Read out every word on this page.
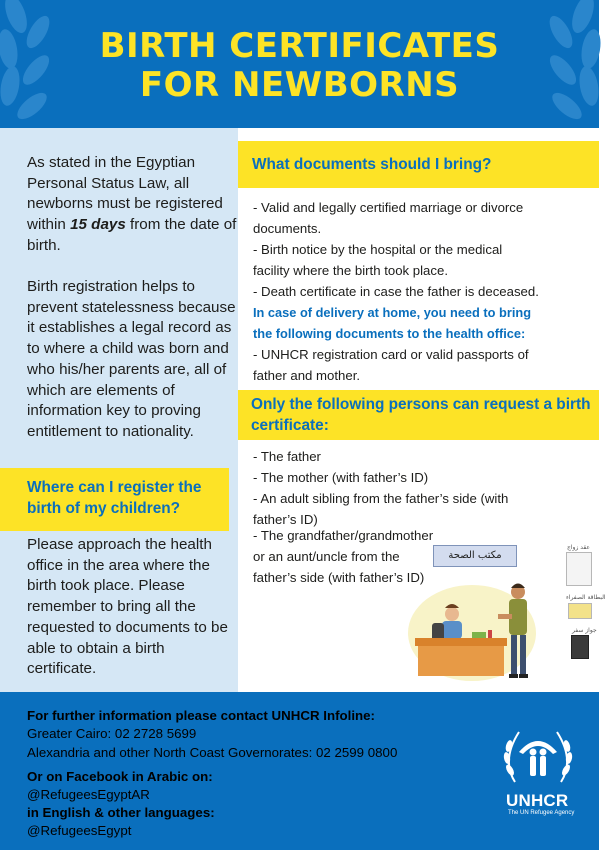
BIRTH CERTIFICATES
FOR NEWBORNS
As stated in the Egyptian Personal Status Law, all newborns must be registered within 15 days from the date of birth.
Birth registration helps to prevent statelessness because it establishes a legal record as to where a child was born and who his/her parents are, all of which are elements of information key to proving entitlement to nationality.
Where can I register the birth of my children?
Please approach the health office in the area where the birth took place. Please remember to bring all the requested to documents to be able to obtain a birth certificate.
What documents should I bring?
- Valid and legally certified marriage or divorce
documents.
- Birth notice by the hospital or the medical
facility where the birth took place.
- Death certificate in case the father is deceased.
In case of delivery at home, you need to bring
the following documents to the health office:
- UNHCR registration card or valid passports of
father and mother.
Only the following persons can request a birth certificate:
- The father
- The mother (with father’s ID)
- An adult sibling from the father’s side (with
father’s ID)
- The grandfather/grandmother
or an aunt/uncle from the
father’s side (with father’s ID)
مكتب الصحة
عقد زواج
البطاقة الصفراء
جواز سفر
For further information please contact UNHCR Infoline:
Greater Cairo: 02 2728 5699
Alexandria and other North Coast Governorates: 02 2599 0800
Or on Facebook in Arabic on:
@RefugeesEgyptAR
in English & other languages:
@RefugeesEgypt
UNHCR
The UN Refugee Agency
